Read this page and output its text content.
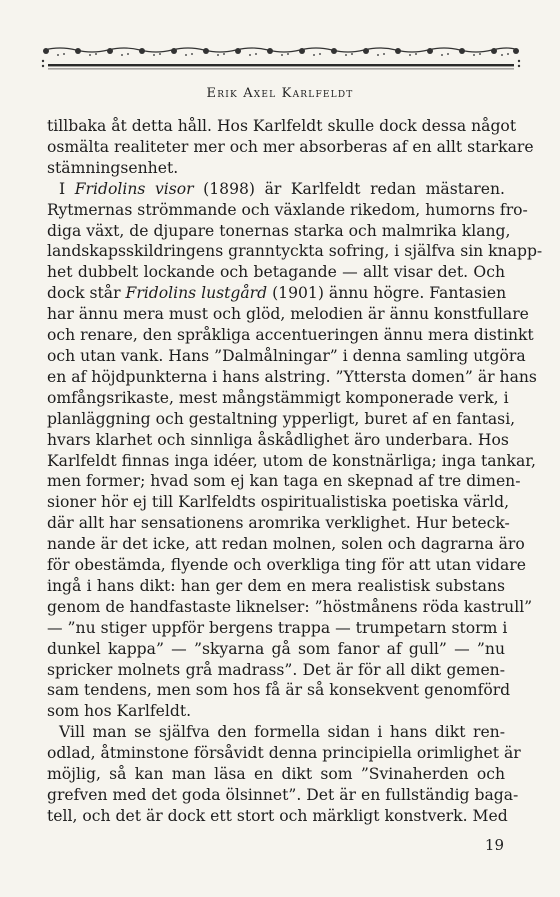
Erik Axel Karlfeldt

tillbaka åt detta håll. Hos Karlfeldt skulle dock dessa något

osmälta realiteter mer och mer absorberas af en allt starkare

stämningsenhet.

I Fridolins visor (1898) är Karlfeldt redan mästaren.

Rytmernas strömmande och växlande rikedom, humorns fro-

diga växt, de djupare tonernas starka och malmrika klang,

landskapsskildringens granntyckta sofring, i själfva sin knapp-

het dubbelt lockande och betagande — allt visar det. Och

dock står Fridolins lustgård (1901) ännu högre. Fantasien

har ännu mera must och glöd, melodien är ännu konstfullare

och renare, den språkliga accentueringen ännu mera distinkt

och utan vank. Hans ”Dalmålningar” i denna samling utgöra

en af höjdpunkterna i hans alstring. ”Yttersta domen” är hans

omfångsrikaste, mest mångstämmigt komponerade verk, i

planläggning och gestaltning ypperligt, buret af en fantasi,

hvars klarhet och sinnliga åskådlighet äro underbara. Hos

Karlfeldt finnas inga idéer, utom de konstnärliga; inga tankar,

men former; hvad som ej kan taga en skepnad af tre dimen-

sioner hör ej till Karlfeldts ospiritualistiska poetiska värld,

där allt har sensationens aromrika verklighet. Hur beteck-

nande är det icke, att redan molnen, solen och dagrarna äro

för obestämda, flyende och overkliga ting för att utan vidare

ingå i hans dikt: han ger dem en mera realistisk substans

genom de handfastaste liknelser: ”höstmånens röda kastrull”

— ”nu stiger uppför bergens trappa — trumpetarn storm i

dunkel kappa” — ”skyarna gå som fanor af gull” — ”nu

spricker molnets grå madrass”. Det är för all dikt gemen-

sam tendens, men som hos få är så konsekvent genomförd

som hos Karlfeldt.

Vill man se själfva den formella sidan i hans dikt ren-

odlad, åtminstone försåvidt denna principiella orimlighet är

möjlig, så kan man läsa en dikt som ”Svinaherden och

grefven med det goda ölsinnet”. Det är en fullständig baga-

tell, och det är dock ett stort och märkligt konstverk. Med

19
